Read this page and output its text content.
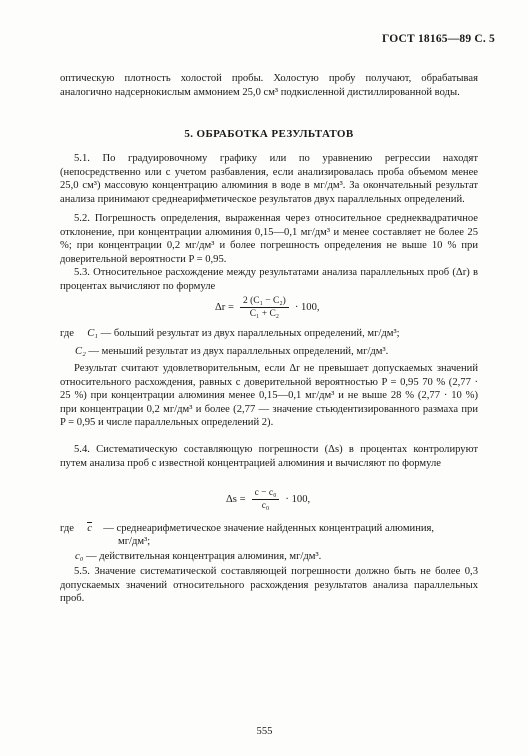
ГОСТ 18165—89 С. 5
оптическую плотность холостой пробы. Холостую пробу получают, обрабатывая аналогично надсернокислым аммонием 25,0 см³ подкисленной дистиллированной воды.
5. ОБРАБОТКА РЕЗУЛЬТАТОВ
5.1. По градуировочному графику или по уравнению регрессии находят (непосредственно или с учетом разбавления, если анализировалась проба объемом менее 25,0 см³) массовую концентрацию алюминия в воде в мг/дм³. За окончательный результат анализа принимают среднеарифметическое результатов двух параллельных определений.
5.2. Погрешность определения, выраженная через относительное среднеквадратичное отклонение, при концентрации алюминия 0,15—0,1 мг/дм³ и менее составляет не более 25 %; при концентрации 0,2 мг/дм³ и более погрешность определения не выше 10 % при доверительной вероятности P = 0,95.
5.3. Относительное расхождение между результатами анализа параллельных проб (Δr) в процентах вычисляют по формуле
$\Delta r = \frac{\text{2 (C₁ − C₂)}}{\text{C₁ + C₂}} \cdot 100$,
где C₁ — больший результат из двух параллельных определений, мг/дм³;
C₂ — меньший результат из двух параллельных определений, мг/дм³.
Результат считают удовлетворительным, если Δr не превышает допускаемых значений относительного расхождения, равных с доверительной вероятностью P = 0,95 70 % (2,77 · 25 %) при концентрации алюминия менее 0,15—0,1 мг/дм³ и не выше 28 % (2,77 · 10 %) при концентрации 0,2 мг/дм³ и более (2,77 — значение стьюдентизированного размаха при P = 0,95 и числе параллельных определений 2).
5.4. Систематическую составляющую погрешности (Δs) в процентах контролируют путем анализа проб с известной концентрацией алюминия и вычисляют по формуле
$\Delta s = \frac{\text{c − c₀}}{\text{c₀}} \cdot 100$,
где c — среднеарифметическое значение найденных концентраций алюминия,
мг/дм³;
c₀ — действительная концентрация алюминия, мг/дм³.
5.5. Значение систематической составляющей погрешности должно быть не более 0,3 допускаемых значений относительного расхождения результатов анализа параллельных проб.
555
